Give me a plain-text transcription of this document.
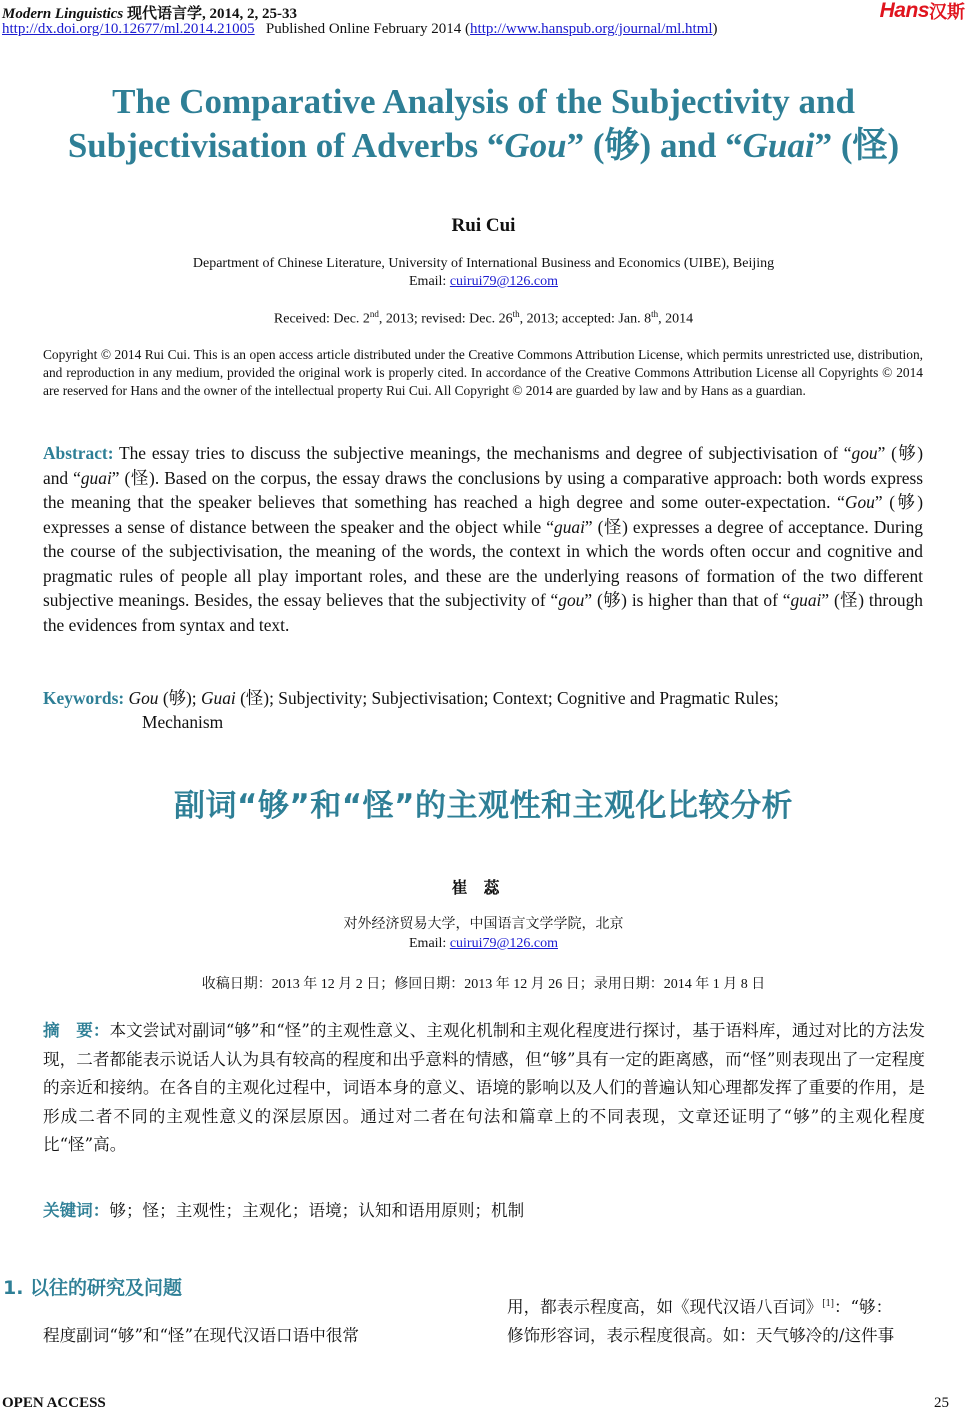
Modern Linguistics 现代语言学, 2014, 2, 25-33
http://dx.doi.org/10.12677/ml.2014.21005 Published Online February 2014 (http://www.hanspub.org/journal/ml.html)
Hans 汉斯
The Comparative Analysis of the Subjectivity and
Subjectivisation of Adverbs “Gou” (够) and “Guai” (怪)
Rui Cui
Department of Chinese Literature, University of International Business and Economics (UIBE), Beijing
Email: cuirui79@126.com
Received: Dec. 2nd, 2013; revised: Dec. 26th, 2013; accepted: Jan. 8th, 2014
Copyright © 2014 Rui Cui. This is an open access article distributed under the Creative Commons Attribution License, which permits unrestricted use, distribution, and reproduction in any medium, provided the original work is properly cited. In accordance of the Creative Commons Attribution License all Copyrights © 2014 are reserved for Hans and the owner of the intellectual property Rui Cui. All Copyright © 2014 are guarded by law and by Hans as a guardian.
Abstract: The essay tries to discuss the subjective meanings, the mechanisms and degree of subjectivisation of “gou” (够) and “guai” (怪). Based on the corpus, the essay draws the conclusions by using a comparative approach: both words express the meaning that the speaker believes that something has reached a high degree and some outer-expectation. “Gou” (够) expresses a sense of distance between the speaker and the object while “guai” (怪) expresses a degree of acceptance. During the course of the subjectivisation, the meaning of the words, the context in which the words often occur and cognitive and pragmatic rules of people all play important roles, and these are the underlying reasons of formation of the two different subjective meanings. Besides, the essay believes that the subjectivity of “gou” (够) is higher than that of “guai” (怪) through the evidences from syntax and text.
Keywords: Gou (够); Guai (怪); Subjectivity; Subjectivisation; Context; Cognitive and Pragmatic Rules;
Mechanism
副词“够”和“怪”的主观性和主观化比较分析
崔蕊
对外经济贸易大学，中国语言文学学院，北京
Email: cuirui79@126.com
收稿日期：2013 年 12 月 2 日；修回日期：2013 年 12 月 26 日；录用日期：2014 年 1 月 8 日
摘　要：本文尝试对副词“够”和“怪”的主观性意义、主观化机制和主观化程度进行探讨，基于语料库，通过对比的方法发现，二者都能表示说话人认为具有较高的程度和出乎意料的情感，但“够”具有一定的距离感，而“怪”则表现出了一定程度的亲近和接纳。在各自的主观化过程中，词语本身的意义、语境的影响以及人们的普遍认知心理都发挥了重要的作用，是形成二者不同的主观性意义的深层原因。通过对二者在句法和篇章上的不同表现，文章还证明了“够”的主观化程度比“怪”高。
关键词：够；怪；主观性；主观化；语境；认知和语用原则；机制
1. 以往的研究及问题
程度副词“够”和“怪”在现代汉语口语中很常
用，都表示程度高，如《现代汉语八百词》[1]：“够：
修饰形容词，表示程度很高。如：天气够冷的/这件事
OPEN ACCESS	25
